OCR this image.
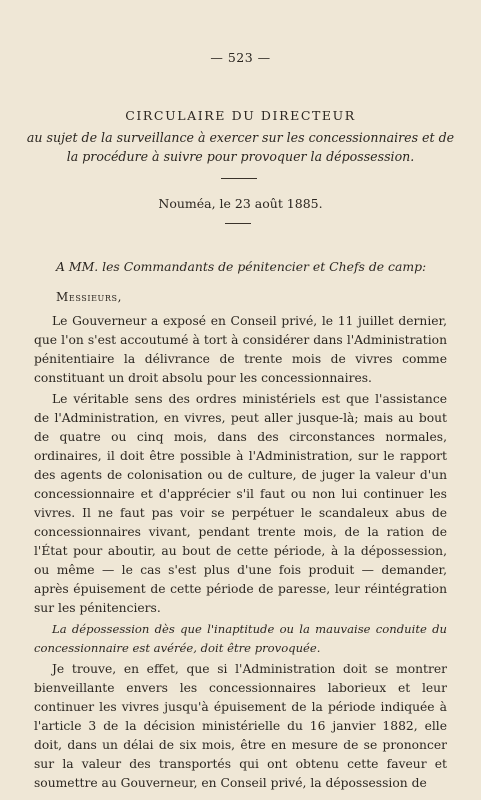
— 523 —
CIRCULAIRE DU DIRECTEUR
au sujet de la surveillance à exercer sur les concessionnaires et de la procédure à suivre pour provoquer la dépossession.
Nouméa, le 23 août 1885.
A MM. les Commandants de pénitencier et Chefs de camp:
Messieurs,

Le Gouverneur a exposé en Conseil privé, le 11 juillet dernier, que l'on s'est accoutumé à tort à considérer dans l'Administration pénitentiaire la délivrance de trente mois de vivres comme constituant un droit absolu pour les concessionnaires.

Le véritable sens des ordres ministériels est que l'assistance de l'Administration, en vivres, peut aller jusque-là; mais au bout de quatre ou cinq mois, dans des circonstances normales, ordinaires, il doit être possible à l'Administration, sur le rapport des agents de colonisation ou de culture, de juger la valeur d'un concessionnaire et d'apprécier s'il faut ou non lui continuer les vivres. Il ne faut pas voir se perpétuer le scandaleux abus de concessionnaires vivant, pendant trente mois, de la ration de l'État pour aboutir, au bout de cette période, à la dépossession, ou même — le cas s'est plus d'une fois produit — demander, après épuisement de cette période de paresse, leur réintégration sur les pénitenciers.

La dépossession dès que l'inaptitude ou la mauvaise conduite du concessionnaire est avérée, doit être provoquée.

Je trouve, en effet, que si l'Administration doit se montrer bienveillante envers les concessionnaires laborieux et leur continuer les vivres jusqu'à épuisement de la période indiquée à l'article 3 de la décision ministérielle du 16 janvier 1882, elle doit, dans un délai de six mois, être en mesure de se prononcer sur la valeur des transportés qui ont obtenu cette faveur et soumettre au Gouverneur, en Conseil privé, la dépossession de
